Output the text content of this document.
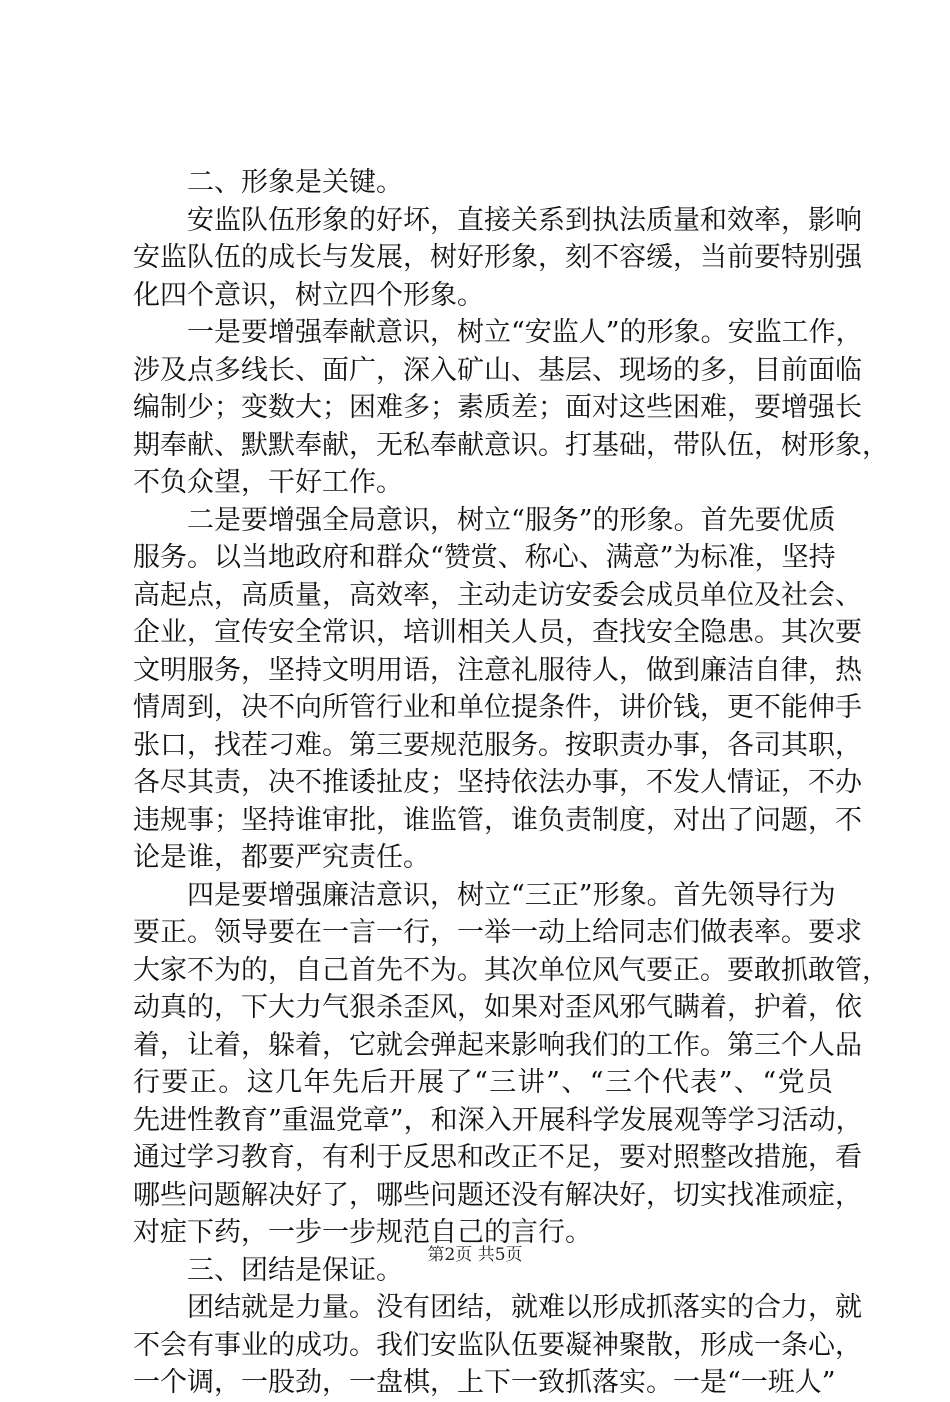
二、形象是关键。
安监队伍形象的好坏，直接关系到执法质量和效率，影响
安监队伍的成长与发展，树好形象，刻不容缓，当前要特别强
化四个意识，树立四个形象。
一是要增强奉献意识，树立“安监人”的形象。安监工作，
涉及点多线长、面广，深入矿山、基层、现场的多，目前面临
编制少；变数大；困难多；素质差；面对这些困难，要增强长
期奉献、默默奉献，无私奉献意识。打基础，带队伍，树形象，
不负众望，干好工作。
二是要增强全局意识，树立“服务”的形象。首先要优质
服务。以当地政府和群众“赞赏、称心、满意”为标准，坚持
高起点，高质量，高效率，主动走访安委会成员单位及社会、
企业，宣传安全常识，培训相关人员，查找安全隐患。其次要
文明服务，坚持文明用语，注意礼服待人，做到廉洁自律，热
情周到，决不向所管行业和单位提条件，讲价钱，更不能伸手
张口，找茬刁难。第三要规范服务。按职责办事，各司其职，
各尽其责，决不推诿扯皮；坚持依法办事，不发人情证，不办
违规事；坚持谁审批，谁监管，谁负责制度，对出了问题，不
论是谁，都要严究责任。
四是要增强廉洁意识，树立“三正”形象。首先领导行为
要正。领导要在一言一行，一举一动上给同志们做表率。要求
大家不为的，自己首先不为。其次单位风气要正。要敢抓敢管，
动真的，下大力气狠杀歪风，如果对歪风邪气瞒着，护着，依
着，让着，躲着，它就会弹起来影响我们的工作。第三个人品
行要正。这几年先后开展了“三讲”、“三个代表”、“党员
先进性教育”重温党章”，和深入开展科学发展观等学习活动，
通过学习教育，有利于反思和改正不足，要对照整改措施，看
哪些问题解决好了，哪些问题还没有解决好，切实找准顽症，
对症下药，一步一步规范自己的言行。
三、团结是保证。
团结就是力量。没有团结，就难以形成抓落实的合力，就
不会有事业的成功。我们安监队伍要凝神聚散，形成一条心，
一个调，一股劲，一盘棋，上下一致抓落实。一是“一班人”
第2页 共5页
